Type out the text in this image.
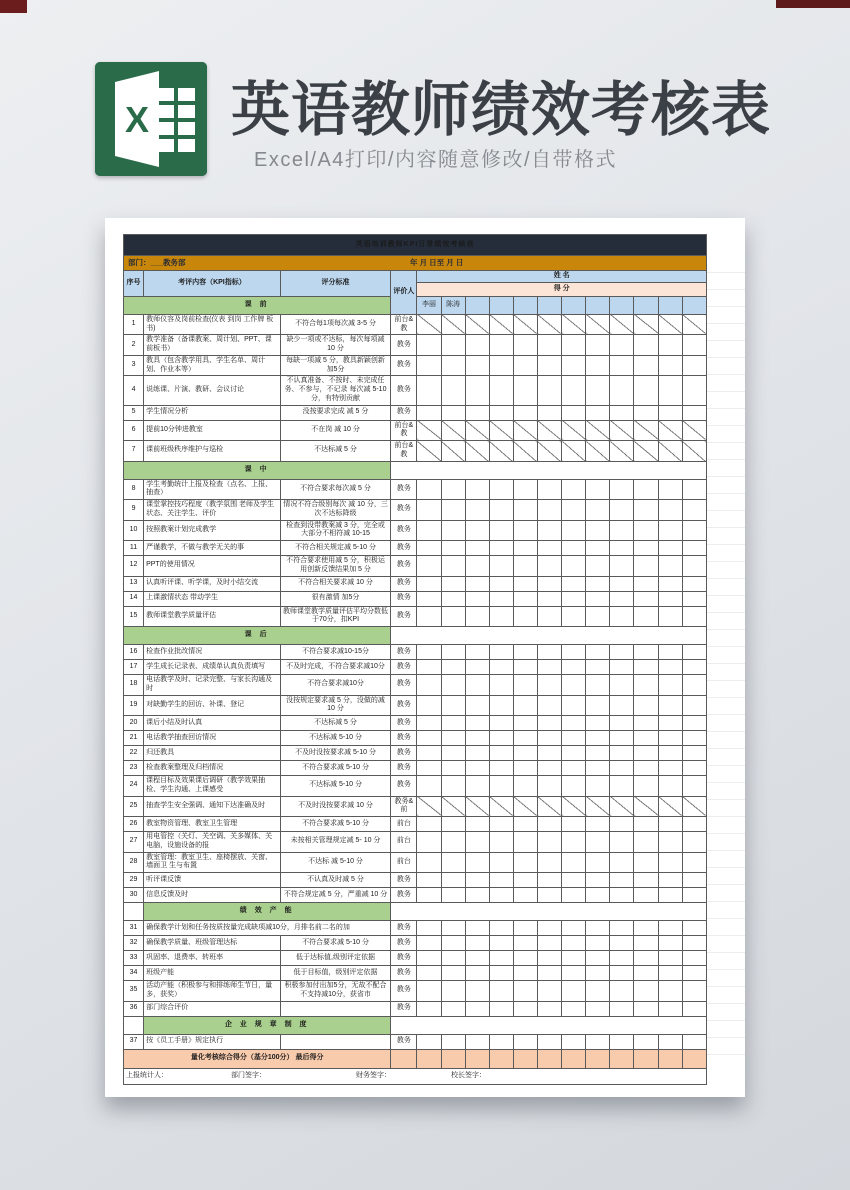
X 英语教师绩效考核表
Excel/A4打印/内容随意修改/自带格式
英语培训教师KPI日常绩效考核表															

部门：___教务部 年 月 日至 月 日															

序号	考评内容（KPI指标）	评分标准	评价人	姓 名											
				得 分											
课 前				李丽	陈涛										
1	教师仪容及岗前检查(仪表 到岗 工作牌 板书)	不符合每1项每次减 3-5 分	前台&教												
2	教学准备（备课教案、周计划、PPT、课前板书）	缺少一项或不达标，每次每项减 10 分	教务												
3	教具（包含教学用具、学生名单、周计划、作业本等）	每缺一项减 5 分，教具新颖创新加5分	教务												
4	说练课、片演、教研、会议讨论	不认真准备、不按时、未完成任务、不参与，不记录 每次减 5-10 分，有特别贡献	教务												
5	学生情况分析	没按要求完成 减 5 分	教务												
6	提前10分钟进教室	不在岗 减 10 分	前台&教												
7	课前班级秩序维护与巡检	不达标减 5 分	前台&教												
课 中															
8	学生考勤统计上报及检查（点名、上报、抽查）	不符合要求每次减 5 分	教务												
9	课堂掌控技巧程度（教学氛围 老师及学生状态、关注学生、评价	情况不符合级别每次 减 10 分，三次不达标降级	教务												
10	按照教案计划完成教学	检查到没带教案减 3 分，完全或大部分不相符减 10-15	教务												
11	严谨教学，不做与教学无关的事	不符合相关规定减 5-10 分	教务												
12	PPT的使用情况	不符合要求使用减 5 分，积极运用创新反馈结果加 5 分	教务												
13	认真听评课、听学课，及时小结交流	不符合相关要求减 10 分	教务												
14	上课激情状态 带动学生	很有激情 加5分	教务												
15	教师课堂教学质量评估	教师课堂教学质量评估平均分数低于70分，扣KPI	教务												
课 后															
16	检查作业批改情况	不符合要求减10-15分	教务												
17	学生成长记录表、成绩单认真负责填写	不及时完成，不符合要求减10分	教务												
18	电话教学及时、记录完整、与家长沟通及时	不符合要求减10分	教务												
19	对缺勤学生的回访、补课、登记	没按规定要求减 5 分，没做的减 10 分	教务												
20	课后小结及时认真	不达标减 5 分	教务												
21	电话教学抽查回访情况	不达标减 5-10 分	教务												
22	归还教具	不及时没按要求减 5-10 分	教务												
23	检查教案整理及归档情况	不符合要求减 5-10 分	教务												
24	课程目标及效果课后调研（教学效果抽检、学生沟通、上课感受	不达标减 5-10 分	教务												
25	抽查学生安全强调、通知下达准确及时	不及时没按要求减 10 分	教务&前												
26	教室物资管理、教室卫生管理	不符合要求减 5-10 分	前台												
27	用电管控（关灯、关空调、关多媒体、关电脑，设施设备的报	未按相关管理规定减 5- 10 分	前台												
28	教室管理：教室卫生、座椅摆放、关窗、墙面卫 生与布置	不达标 减 5-10 分	前台												
29	听评课反馈	不认真及时减 5 分	教务												
30	信息反馈及时	不符合规定减 5 分，严重减 10 分	教务												
	绩 效 产 能														
31	确保教学计划和任务按质按量完成缺项减10分，月排名前二名的加		教务												
32	确保教学质量、班级管理达标	不符合要求减 5-10 分	教务												
33	巩固率、退费率、转班率	低于达标值,级别评定依据	教务												
34	班级产能	低于目标值，级别评定依据	教务												
35	活动产能（积极参与和排练师生节日，量多，获奖）	积极参加付出加5分，无故不配合不支持减10分，获省市	教务												
36	部门综合评价		教务												
	企 业 规 章 制 度														
37	按《员工手册》规定执行		教务												
量化考核综合得分（基分100分） 最后得分															
上报统计人： 部门签字： 财务签字： 校长签字：															
